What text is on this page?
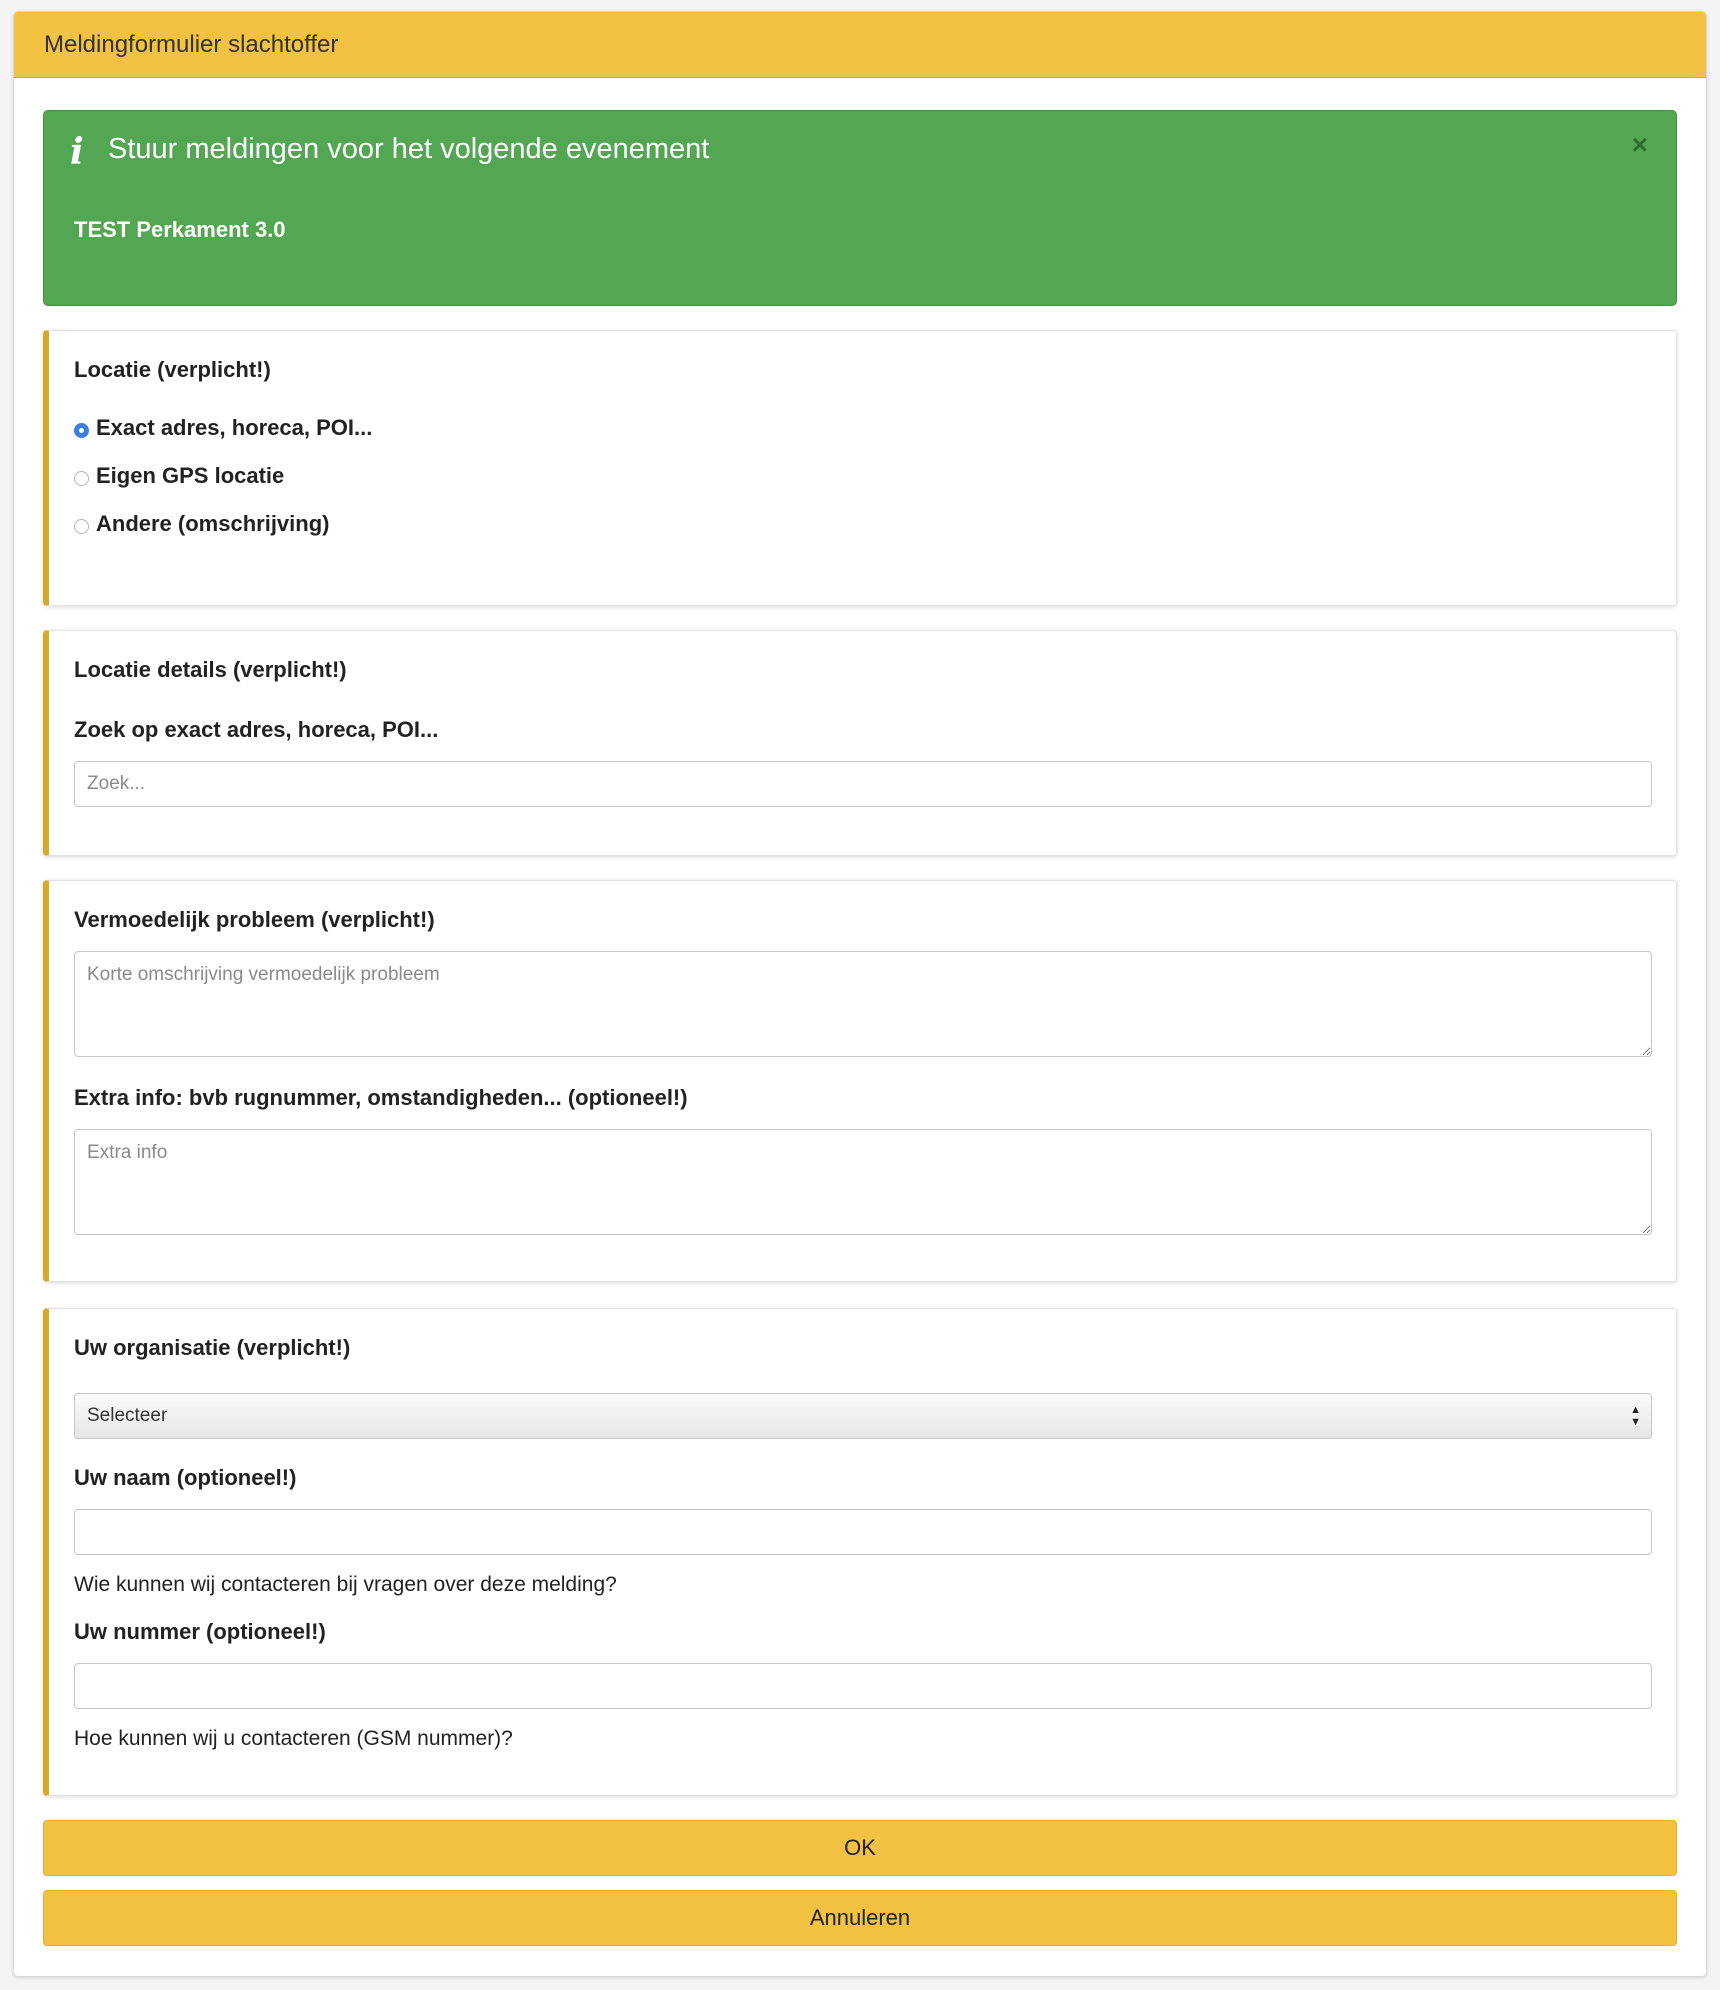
Meldingformulier slachtoffer
i Stuur meldingen voor het volgende evenement	×
TEST Perkament 3.0
Locatie (verplicht!)
Exact adres, horeca, POI...
Eigen GPS locatie
Andere (omschrijving)
Locatie details (verplicht!)
Zoek op exact adres, horeca, POI...
Zoek...
Vermoedelijk probleem (verplicht!)
Korte omschrijving vermoedelijk probleem
Extra info: bvb rugnummer, omstandigheden... (optioneel!)
Extra info
Uw organisatie (verplicht!)
Selecteer	▲
▼
Uw naam (optioneel!)
Wie kunnen wij contacteren bij vragen over deze melding?
Uw nummer (optioneel!)
Hoe kunnen wij u contacteren (GSM nummer)?
OK
Annuleren
